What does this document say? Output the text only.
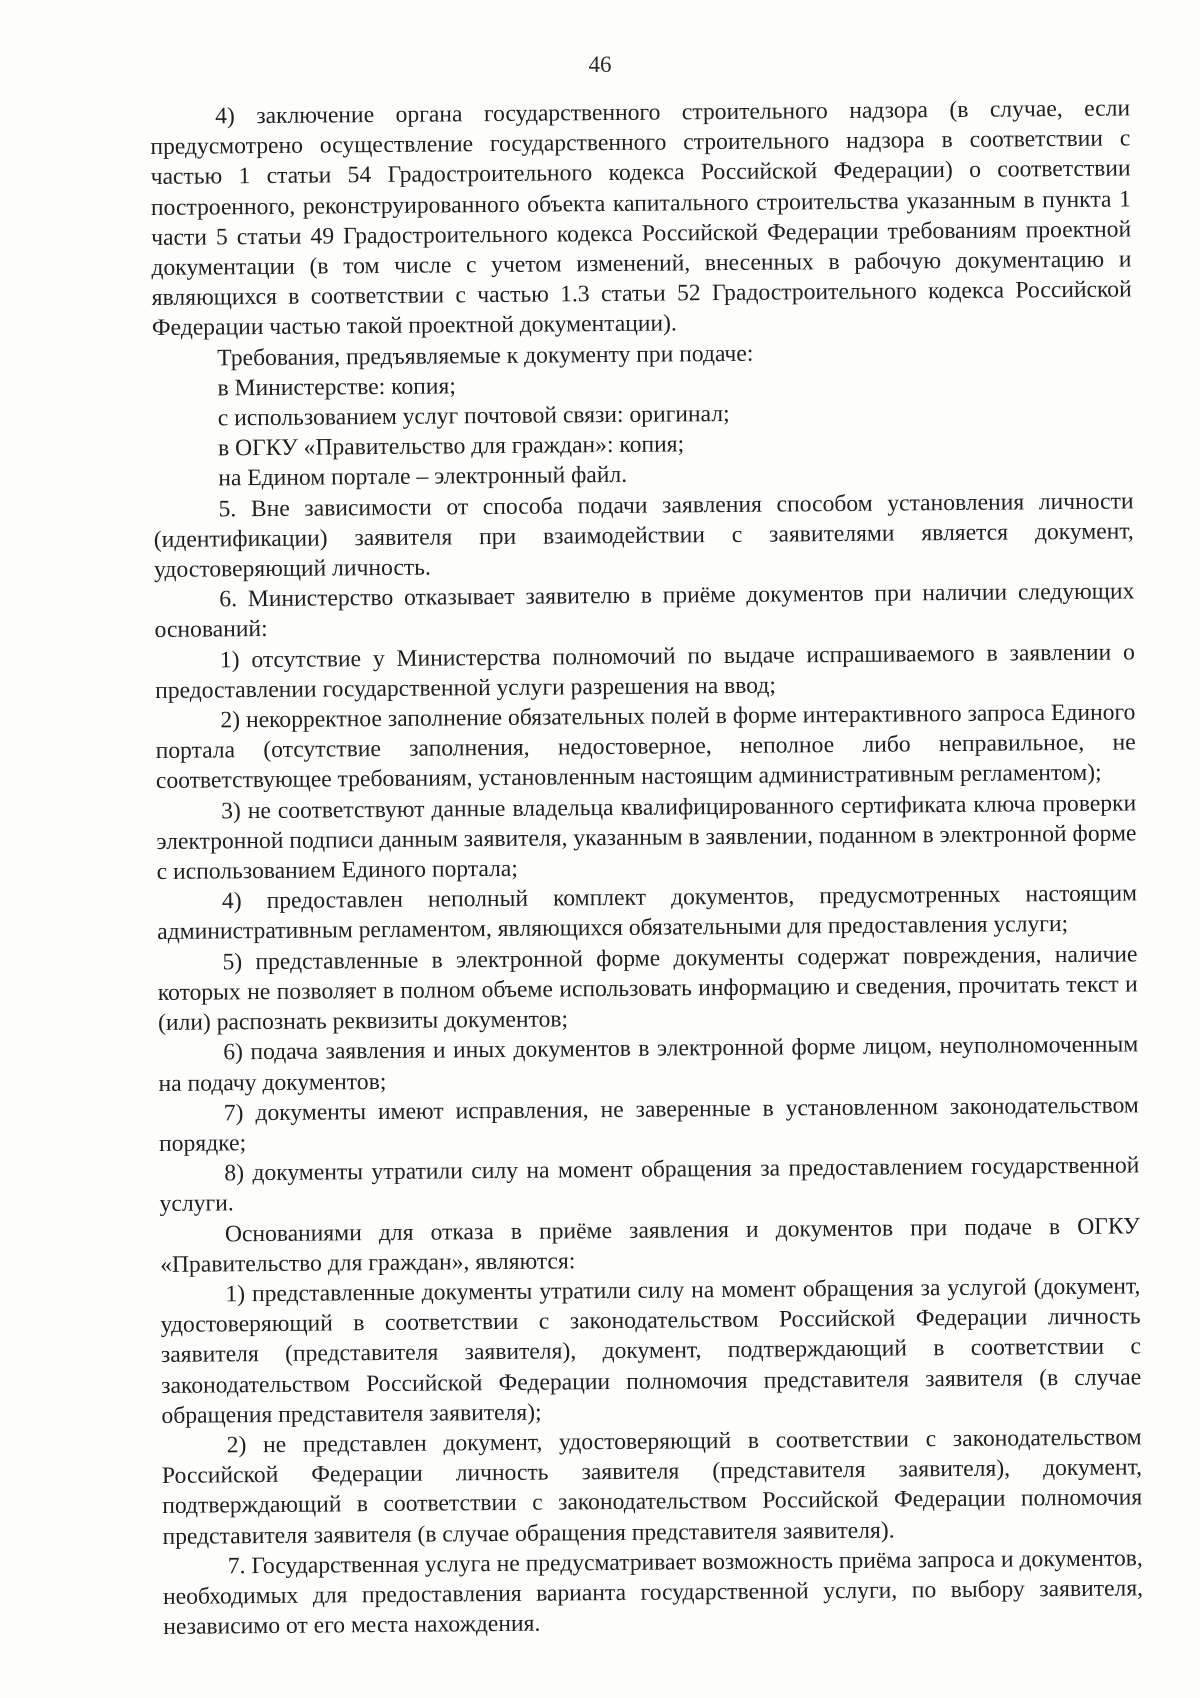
46

4) заключение органа государственного строительного надзора (в случае, если предусмотрено осуществление государственного строительного надзора в соответствии с частью 1 статьи 54 Градостроительного кодекса Российской Федерации) о соответствии построенного, реконструированного объекта капитального строительства указанным в пункта 1 части 5 статьи 49 Градостроительного кодекса Российской Федерации требованиям проектной документации (в том числе с учетом изменений, внесенных в рабочую документацию и являющихся в соответствии с частью 1.3 статьи 52 Градостроительного кодекса Российской Федерации частью такой проектной документации).

Требования, предъявляемые к документу при подаче:

в Министерстве: копия;

с использованием услуг почтовой связи: оригинал;

в ОГКУ «Правительство для граждан»: копия;

на Едином портале – электронный файл.

5. Вне зависимости от способа подачи заявления способом установления личности (идентификации) заявителя при взаимодействии с заявителями является документ, удостоверяющий личность.

6. Министерство отказывает заявителю в приёме документов при наличии следующих оснований:

1) отсутствие у Министерства полномочий по выдаче испрашиваемого в заявлении о предоставлении государственной услуги разрешения на ввод;

2) некорректное заполнение обязательных полей в форме интерактивного запроса Единого портала (отсутствие заполнения, недостоверное, неполное либо неправильное, не соответствующее требованиям, установленным настоящим административным регламентом);

3) не соответствуют данные владельца квалифицированного сертификата ключа проверки электронной подписи данным заявителя, указанным в заявлении, поданном в электронной форме с использованием Единого портала;

4) предоставлен неполный комплект документов, предусмотренных настоящим административным регламентом, являющихся обязательными для предоставления услуги;

5) представленные в электронной форме документы содержат повреждения, наличие которых не позволяет в полном объеме использовать информацию и сведения, прочитать текст и (или) распознать реквизиты документов;

6) подача заявления и иных документов в электронной форме лицом, неуполномоченным на подачу документов;

7) документы имеют исправления, не заверенные в установленном законодательством порядке;

8) документы утратили силу на момент обращения за предоставлением государственной услуги.

Основаниями для отказа в приёме заявления и документов при подаче в ОГКУ «Правительство для граждан», являются:

1) представленные документы утратили силу на момент обращения за услугой (документ, удостоверяющий в соответствии с законодательством Российской Федерации личность заявителя (представителя заявителя), документ, подтверждающий в соответствии с законодательством Российской Федерации полномочия представителя заявителя (в случае обращения представителя заявителя);

2) не представлен документ, удостоверяющий в соответствии с законодательством Российской Федерации личность заявителя (представителя заявителя), документ, подтверждающий в соответствии с законодательством Российской Федерации полномочия представителя заявителя (в случае обращения представителя заявителя).

7. Государственная услуга не предусматривает возможность приёма запроса и документов, необходимых для предоставления варианта государственной услуги, по выбору заявителя, независимо от его места нахождения.
